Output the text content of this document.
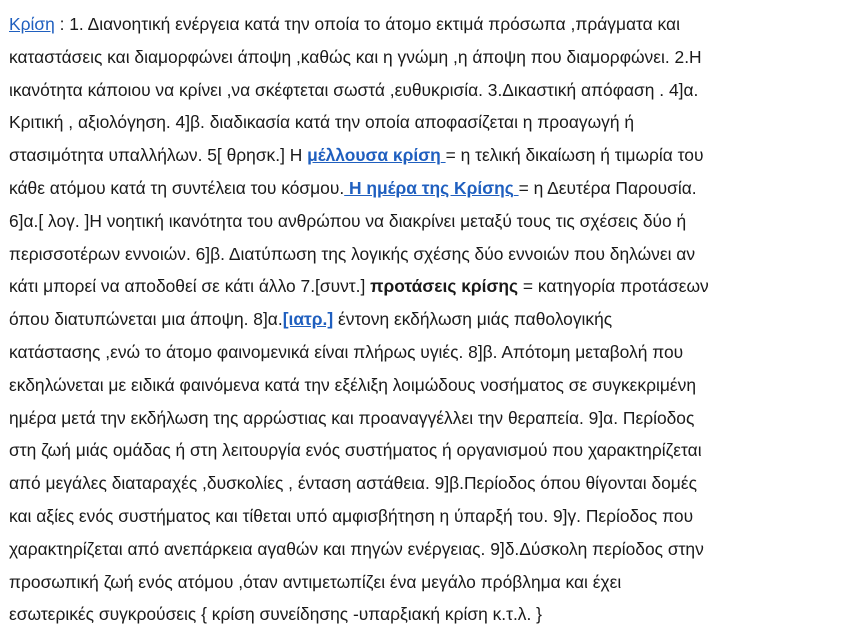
Κρίση : 1. Διανοητική ενέργεια κατά την οποία το άτομο εκτιμά πρόσωπα ,πράγματα και
καταστάσεις και διαμορφώνει άποψη ,καθώς και η γνώμη ,η άποψη που διαμορφώνει. 2.Η
ικανότητα κάποιου να κρίνει ,να σκέφτεται σωστά ,ευθυκρισία. 3.Δικαστική απόφαση . 4]α.
Κριτική , αξιολόγηση. 4]β. διαδικασία κατά την οποία αποφασίζεται η προαγωγή ή
στασιμότητα υπαλλήλων. 5[ θρησκ.] Η μέλλουσα κρίση = η τελική δικαίωση ή τιμωρία του
κάθε ατόμου κατά τη συντέλεια του κόσμου. Η ημέρα της Κρίσης = η Δευτέρα Παρουσία.
6]α.[ λογ. ]Η νοητική ικανότητα του ανθρώπου να διακρίνει μεταξύ τους τις σχέσεις δύο ή
περισσοτέρων εννοιών. 6]β. Διατύπωση της λογικής σχέσης δύο εννοιών που δηλώνει αν
κάτι μπορεί να αποδοθεί σε κάτι άλλο 7.[συντ.] προτάσεις κρίσης = κατηγορία προτάσεων
όπου διατυπώνεται μια άποψη. 8]α.[ιατρ.] έντονη εκδήλωση μιάς παθολογικής
κατάστασης ,ενώ το άτομο φαινομενικά είναι πλήρως υγιές. 8]β. Απότομη μεταβολή που
εκδηλώνεται με ειδικά φαινόμενα κατά την εξέλιξη λοιμώδους νοσήματος σε συγκεκριμένη
ημέρα μετά την εκδήλωση της αρρώστιας και προαναγγέλλει την θεραπεία. 9]α. Περίοδος
στη ζωή μιάς ομάδας ή στη λειτουργία ενός συστήματος ή οργανισμού που χαρακτηρίζεται
από μεγάλες διαταραχές ,δυσκολίες , ένταση αστάθεια. 9]β.Περίοδος όπου θίγονται δομές
και αξίες ενός συστήματος και τίθεται υπό αμφισβήτηση η ύπαρξή του. 9]γ. Περίοδος που
χαρακτηρίζεται από ανεπάρκεια αγαθών και πηγών ενέργειας. 9]δ.Δύσκολη περίοδος στην
προσωπική ζωή ενός ατόμου ,όταν αντιμετωπίζει ένα μεγάλο πρόβλημα και έχει
εσωτερικές συγκρούσεις { κρίση συνείδησης -υπαρξιακή κρίση κ.τ.λ. }
